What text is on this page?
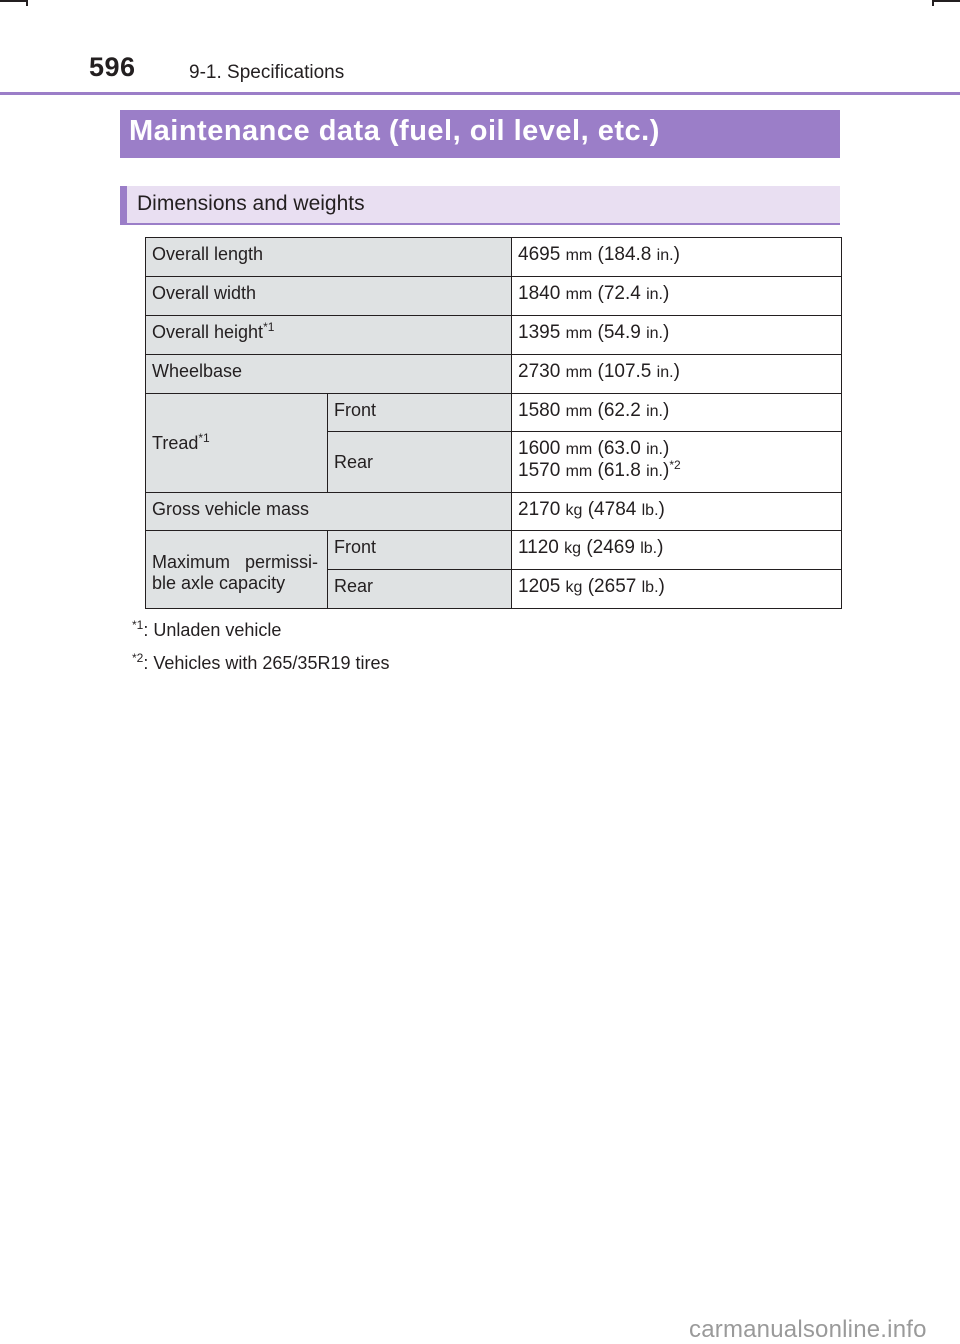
596	9-1. Specifications
Maintenance data (fuel, oil level, etc.)
Dimensions and weights
Overall length		4695 mm (184.8 in.)
Overall width		1840 mm (72.4 in.)
Overall height$^{*1}$		1395 mm (54.9 in.)
Wheelbase		2730 mm (107.5 in.)
Tread$^{*1}$	Front	1580 mm (62.2 in.)
	Rear	1600 mm (63.0 in.)
1570 mm (61.8 in.)$^{*2}$

Gross vehicle mass		2170 kg (4784 lb.)

Maximum   permissi-
ble axle capacity	Front	1120 kg (2469 lb.)
	Rear	1205 kg (2657 lb.)
$^{*1}$: Unladen vehicle
$^{*2}$: Vehicles with 265/35R19 tires
carmanualsonline.info
